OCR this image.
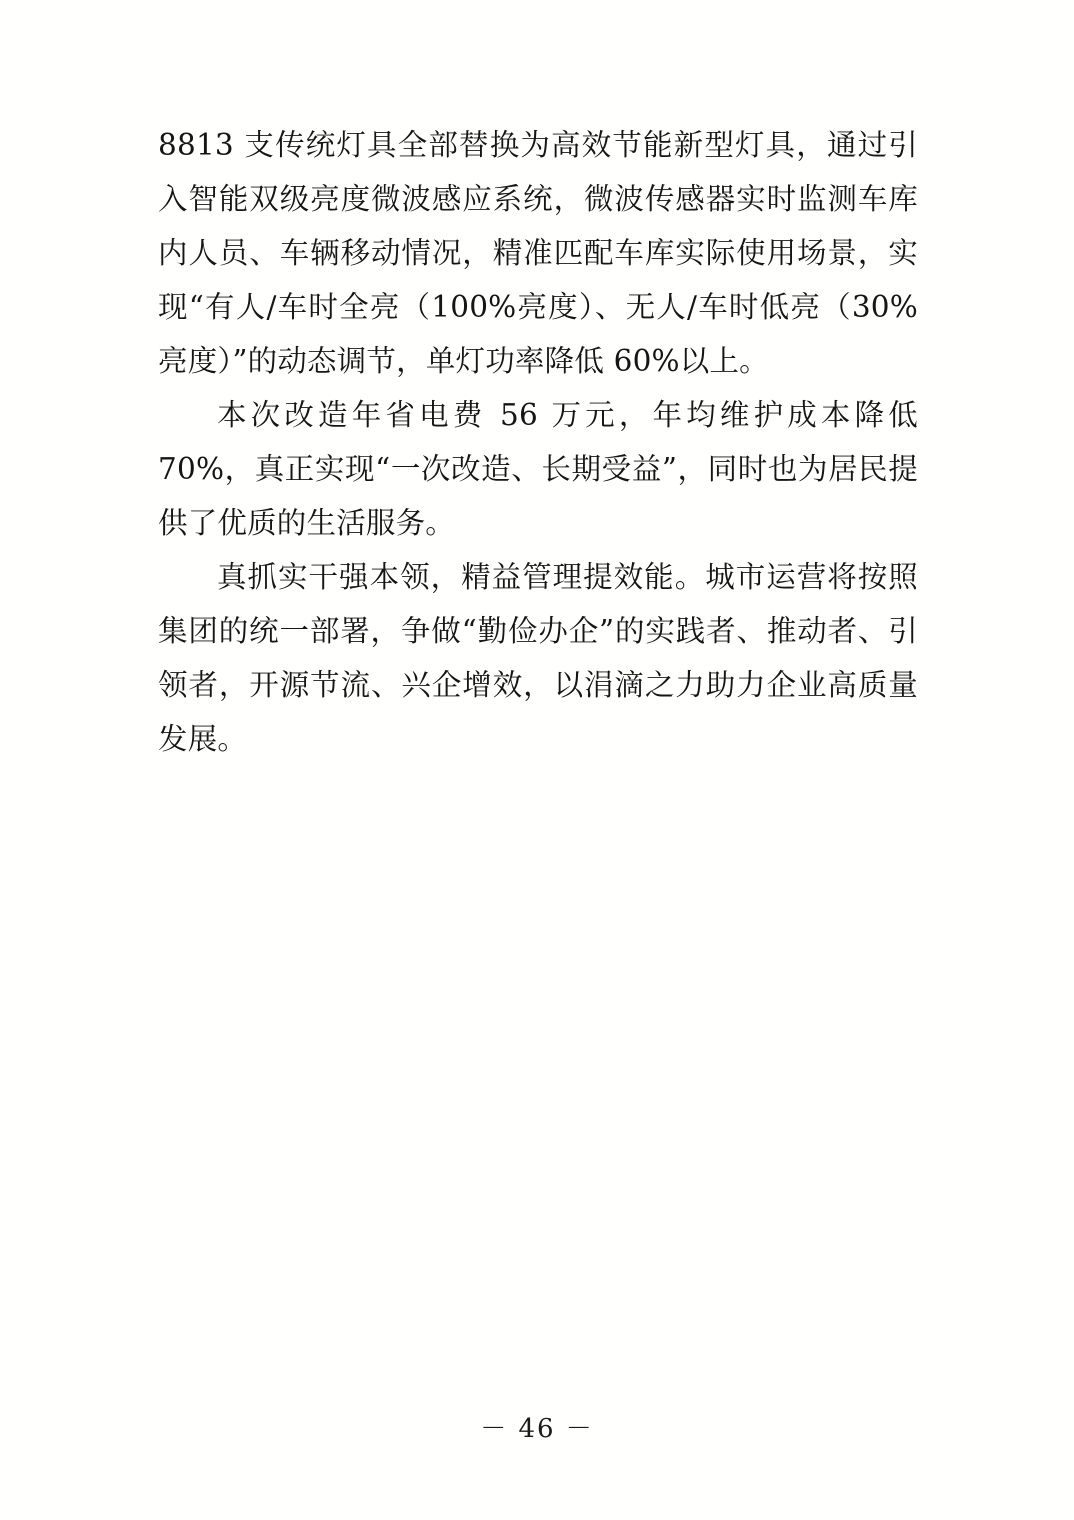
8813 支传统灯具全部替换为高效节能新型灯具，通过引入智能双级亮度微波感应系统，微波传感器实时监测车库内人员、车辆移动情况，精准匹配车库实际使用场景，实现“有人/车时全亮（100%亮度）、无人/车时低亮（30%亮度）”的动态调节，单灯功率降低 60%以上。

本次改造年省电费 56 万元，年均维护成本降低 70%，真正实现“一次改造、长期受益”，同时也为居民提供了优质的生活服务。

真抓实干强本领，精益管理提效能。城市运营将按照集团的统一部署，争做“勤俭办企”的实践者、推动者、引领者，开源节流、兴企增效，以涓滴之力助力企业高质量发展。

－ 46 －
